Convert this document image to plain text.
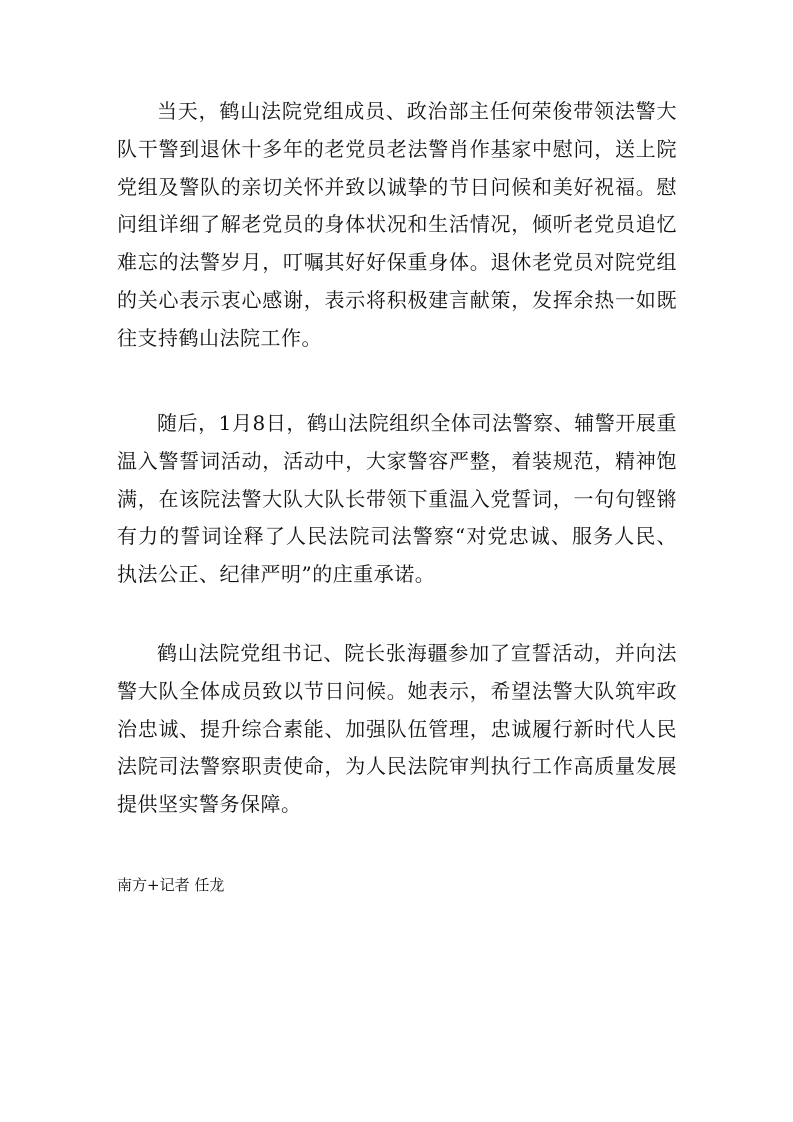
当天，鹤山法院党组成员、政治部主任何荣俊带领法警大队干警到退休十多年的老党员老法警肖作基家中慰问，送上院党组及警队的亲切关怀并致以诚挚的节日问候和美好祝福。慰问组详细了解老党员的身体状况和生活情况，倾听老党员追忆难忘的法警岁月，叮嘱其好好保重身体。退休老党员对院党组的关心表示衷心感谢，表示将积极建言献策，发挥余热一如既往支持鹤山法院工作。

随后，1月8日，鹤山法院组织全体司法警察、辅警开展重温入警誓词活动，活动中，大家警容严整，着装规范，精神饱满，在该院法警大队大队长带领下重温入党誓词，一句句铿锵有力的誓词诠释了人民法院司法警察“对党忠诚、服务人民、执法公正、纪律严明”的庄重承诺。

鹤山法院党组书记、院长张海疆参加了宣誓活动，并向法警大队全体成员致以节日问候。她表示，希望法警大队筑牢政治忠诚、提升综合素能、加强队伍管理，忠诚履行新时代人民法院司法警察职责使命，为人民法院审判执行工作高质量发展提供坚实警务保障。

南方+记者 任龙
